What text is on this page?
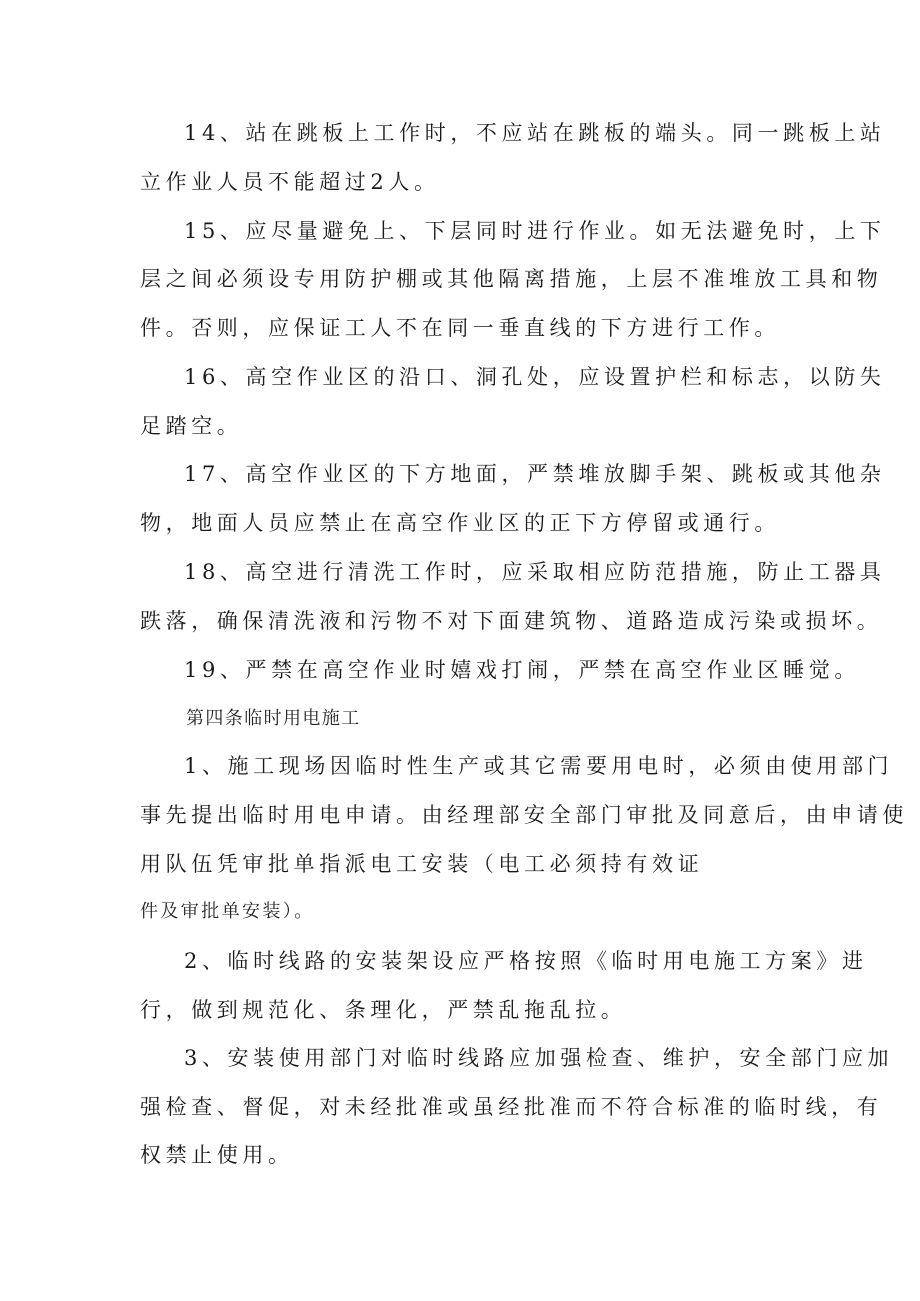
14、站在跳板上工作时，不应站在跳板的端头。同一跳板上站

立作业人员不能超过2人。

15、应尽量避免上、下层同时进行作业。如无法避免时，上下

层之间必须设专用防护棚或其他隔离措施，上层不准堆放工具和物

件。否则，应保证工人不在同一垂直线的下方进行工作。

16、高空作业区的沿口、洞孔处，应设置护栏和标志，以防失

足踏空。

17、高空作业区的下方地面，严禁堆放脚手架、跳板或其他杂

物，地面人员应禁止在高空作业区的正下方停留或通行。

18、高空进行清洗工作时，应采取相应防范措施，防止工器具

跌落，确保清洗液和污物不对下面建筑物、道路造成污染或损坏。

19、严禁在高空作业时嬉戏打闹，严禁在高空作业区睡觉。

第四条临时用电施工

1、施工现场因临时性生产或其它需要用电时，必须由使用部门

事先提出临时用电申请。由经理部安全部门审批及同意后，由申请使

用队伍凭审批单指派电工安装（电工必须持有效证

件及审批单安装）。

2、临时线路的安装架设应严格按照《临时用电施工方案》进

行，做到规范化、条理化，严禁乱拖乱拉。

3、安装使用部门对临时线路应加强检查、维护，安全部门应加

强检查、督促，对未经批准或虽经批准而不符合标准的临时线，有

权禁止使用。
